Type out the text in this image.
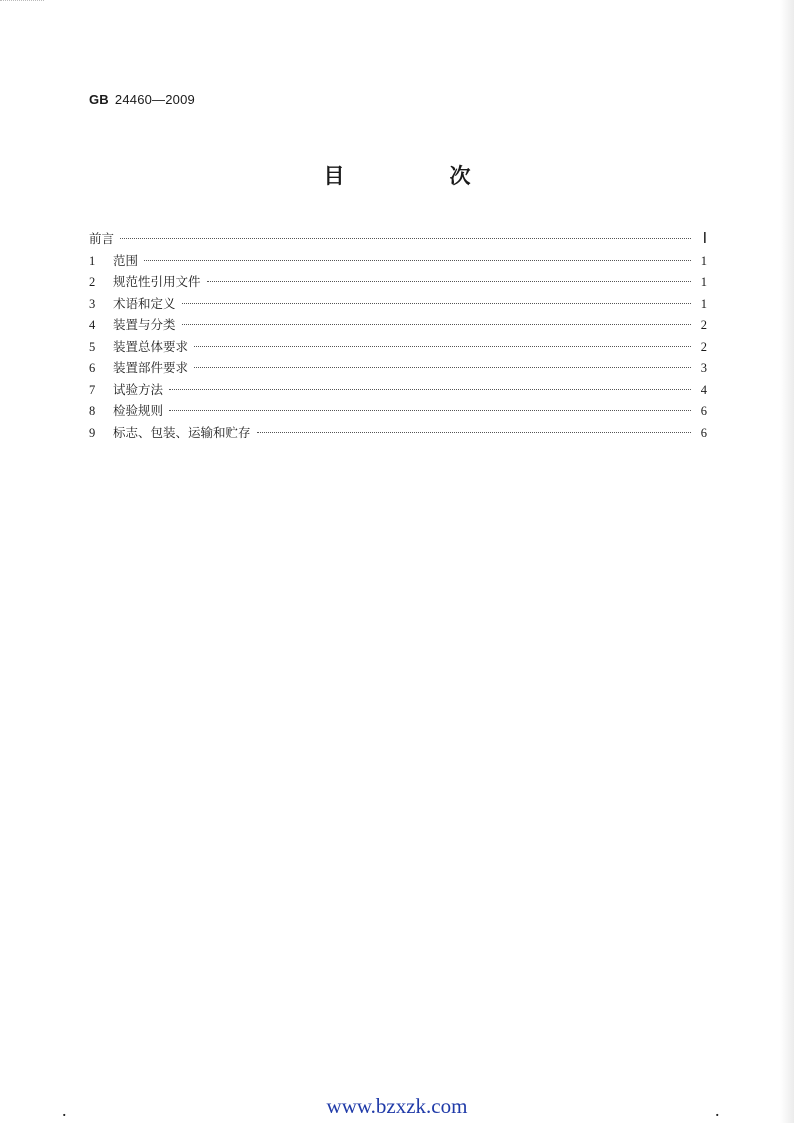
GB 24460—2009
目　次
前言	Ⅰ
1	范围	1
2	规范性引用文件	1
3	术语和定义	1
4	装置与分类	2
5	装置总体要求	2
6	装置部件要求	3
7	试验方法	4
8	检验规则	6
9	标志、包装、运输和贮存	6
.	www.bzxzk.com	.
